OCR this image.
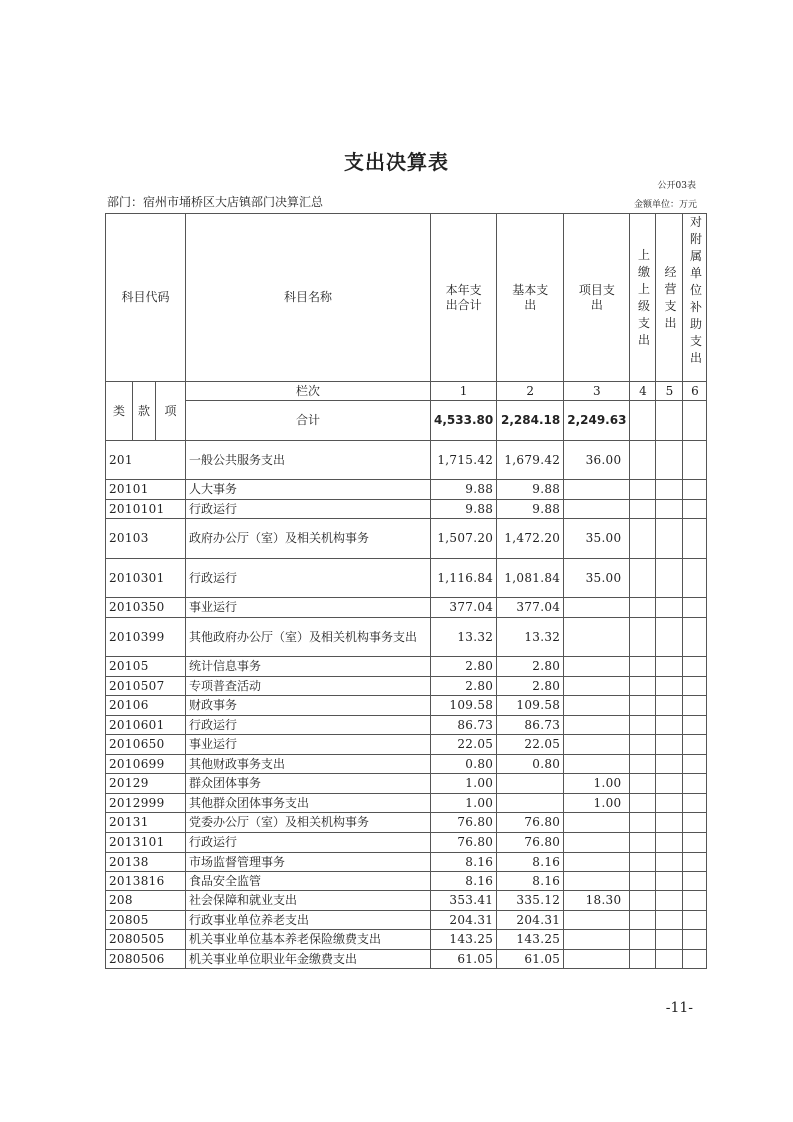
支出决算表
公开03表
部门：宿州市埇桥区大店镇部门决算汇总	金额单位：万元
科目代码			科目名称	本年支出合计	基本支出	项目支出	上缴上级支出	经营支出	对附属单位补助支出

类	款	项	栏次	1	2	3	4	5	6
			合计	4,533.80	2,284.18	2,249.63			
201			一般公共服务支出	1,715.42	1,679.42	36.00			
20101			人大事务	9.88	9.88				
2010101			行政运行	9.88	9.88				
20103			政府办公厅（室）及相关机构事务	1,507.20	1,472.20	35.00			
2010301			行政运行	1,116.84	1,081.84	35.00			
2010350			事业运行	377.04	377.04				
2010399			其他政府办公厅（室）及相关机构事务支出	13.32	13.32				
20105			统计信息事务	2.80	2.80				
2010507			专项普查活动	2.80	2.80				
20106			财政事务	109.58	109.58				
2010601			行政运行	86.73	86.73				
2010650			事业运行	22.05	22.05				
2010699			其他财政事务支出	0.80	0.80				
20129			群众团体事务	1.00		1.00			
2012999			其他群众团体事务支出	1.00		1.00			
20131			党委办公厅（室）及相关机构事务	76.80	76.80				
2013101			行政运行	76.80	76.80				
20138			市场监督管理事务	8.16	8.16				
2013816			食品安全监管	8.16	8.16				
208			社会保障和就业支出	353.41	335.12	18.30			
20805			行政事业单位养老支出	204.31	204.31				
2080505			机关事业单位基本养老保险缴费支出	143.25	143.25				
2080506			机关事业单位职业年金缴费支出	61.05	61.05				
-11-
